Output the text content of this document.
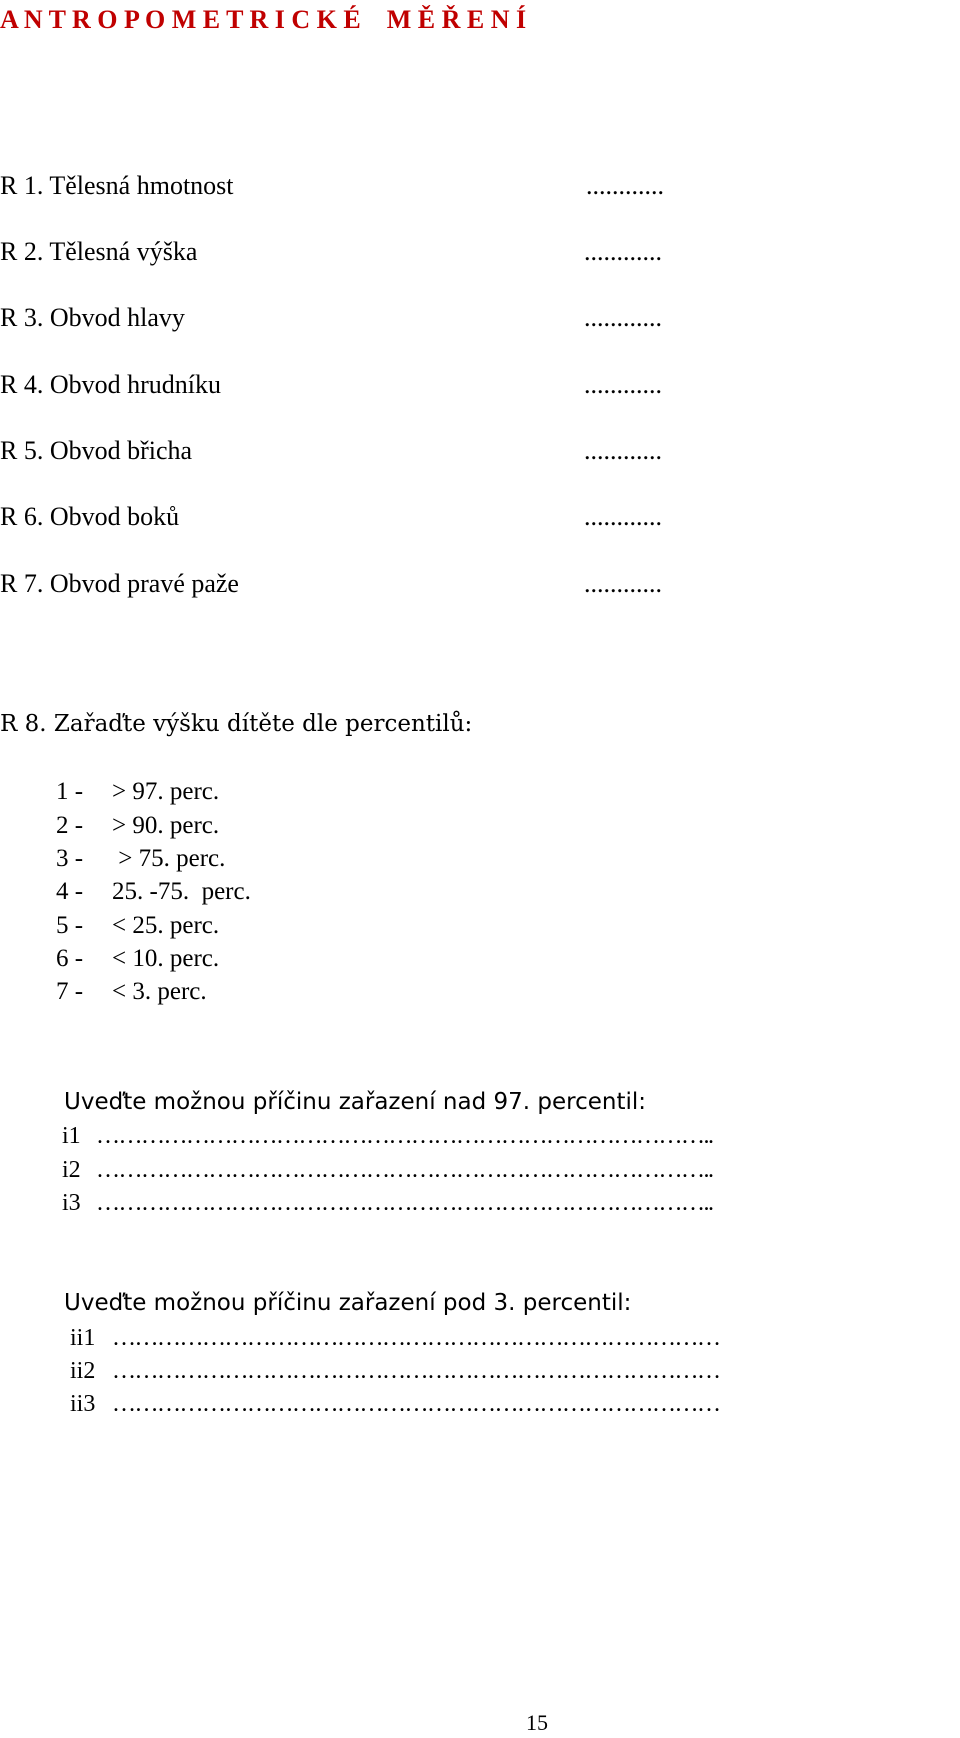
A N T R O P O M E T R I C K É    M Ě Ř E N Í
R 1. Tělesná hmotnost	............
R 2. Tělesná výška	............
R 3. Obvod hlavy	............
R 4. Obvod hrudníku	............
R 5. Obvod břicha	............
R 6. Obvod boků	............
R 7. Obvod pravé paže	............
R 8. Zařaďte výšku dítěte dle percentilů:
1 - > 97. perc.
2 - > 90. perc.
3 - > 75. perc.
4 - 25. -75.  perc.
5 - < 25. perc.
6 - < 10. perc.
7 - < 3. perc.
Uveďte možnou příčinu zařazení nad 97. percentil:
i1 ………………………………………………………………………..
i2 ………………………………………………………………………..
i3 ………………………………………………………………………..
Uveďte možnou příčinu zařazení pod 3. percentil:
ii1 ………………………………………………………………………
ii2 ………………………………………………………………………
ii3 ………………………………………………………………………
15
